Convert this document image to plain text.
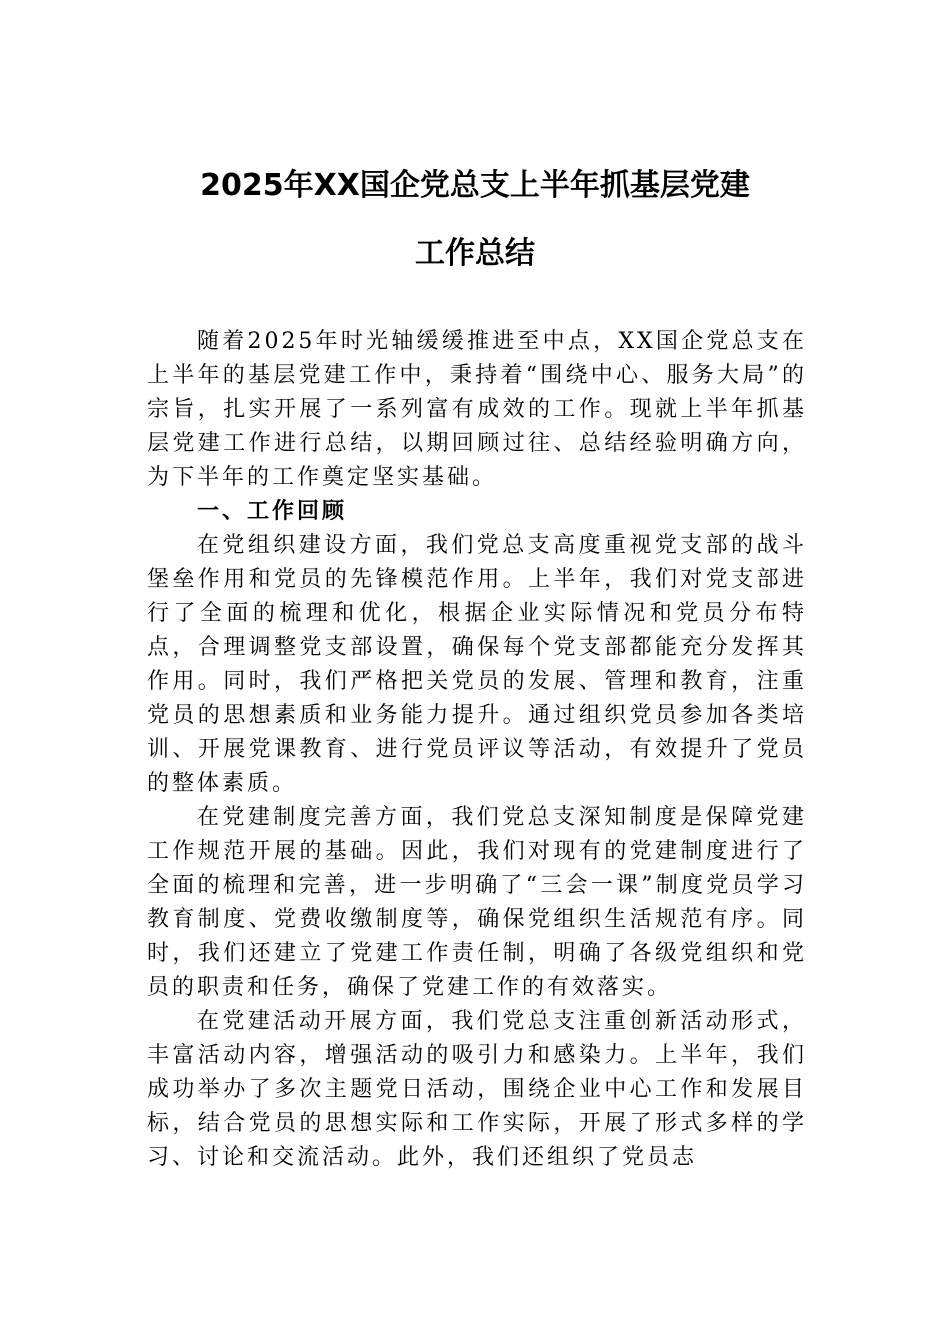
2025年XX国企党总支上半年抓基层党建
工作总结

随着2025年时光轴缓缓推进至中点，XX国企党总支在上半年的基层党建工作中，秉持着“围绕中心、服务大局”的宗旨，扎实开展了一系列富有成效的工作。现就上半年抓基层党建工作进行总结，以期回顾过往、总结经验明确方向，为下半年的工作奠定坚实基础。

一、工作回顾

在党组织建设方面，我们党总支高度重视党支部的战斗堡垒作用和党员的先锋模范作用。上半年，我们对党支部进行了全面的梳理和优化，根据企业实际情况和党员分布特点，合理调整党支部设置，确保每个党支部都能充分发挥其作用。同时，我们严格把关党员的发展、管理和教育，注重党员的思想素质和业务能力提升。通过组织党员参加各类培训、开展党课教育、进行党员评议等活动，有效提升了党员的整体素质。

在党建制度完善方面，我们党总支深知制度是保障党建工作规范开展的基础。因此，我们对现有的党建制度进行了全面的梳理和完善，进一步明确了“三会一课”制度党员学习教育制度、党费收缴制度等，确保党组织生活规范有序。同时，我们还建立了党建工作责任制，明确了各级党组织和党员的职责和任务，确保了党建工作的有效落实。

在党建活动开展方面，我们党总支注重创新活动形式，丰富活动内容，增强活动的吸引力和感染力。上半年，我们成功举办了多次主题党日活动，围绕企业中心工作和发展目标，结合党员的思想实际和工作实际，开展了形式多样的学习、讨论和交流活动。此外，我们还组织了党员志
